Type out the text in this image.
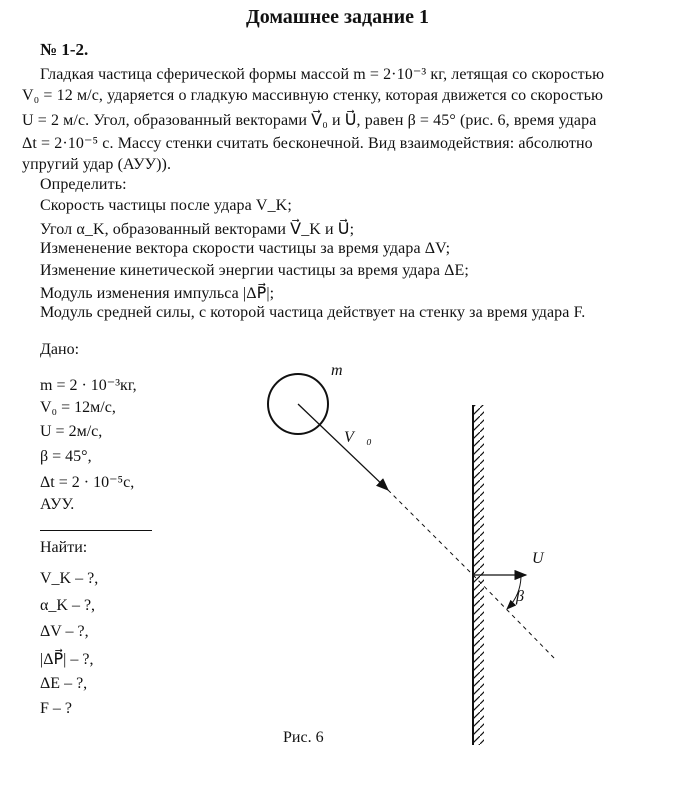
Домашнее задание 1
№ 1-2.
Гладкая частица сферической формы массой m = 2·10⁻³ кг, летящая со скоростью
V₀ = 12 м/с, ударяется о гладкую массивную стенку, которая движется со скоростью
U = 2 м/с. Угол, образованный векторами V⃗₀ и U⃗, равен β = 45° (рис. 6, время удара
Δt = 2·10⁻⁵ с. Массу стенки считать бесконечной. Вид взаимодействия: абсолютно
упругий удар (АУУ)).
Определить:
Скорость частицы после удара V_K;
Угол α_K, образованный векторами V⃗_K и U⃗;
Измененение вектора скорости частицы за время удара ΔV;
Изменение кинетической энергии частицы за время удара ΔE;
Модуль изменения импульса |ΔP⃗|;
Модуль средней силы, с которой частица действует на стенку за время удара F.
Дано:
m = 2 · 10⁻³кг,
V₀ = 12м/с,
U = 2м/с,
β = 45°,
Δt = 2 · 10⁻⁵с,
АУУ.
Найти:
V_K – ?,
α_K – ?,
ΔV – ?,
|ΔP⃗| – ?,
ΔE – ?,
F – ?
m
V⃗₀
U⃗
β
Рис. 6
